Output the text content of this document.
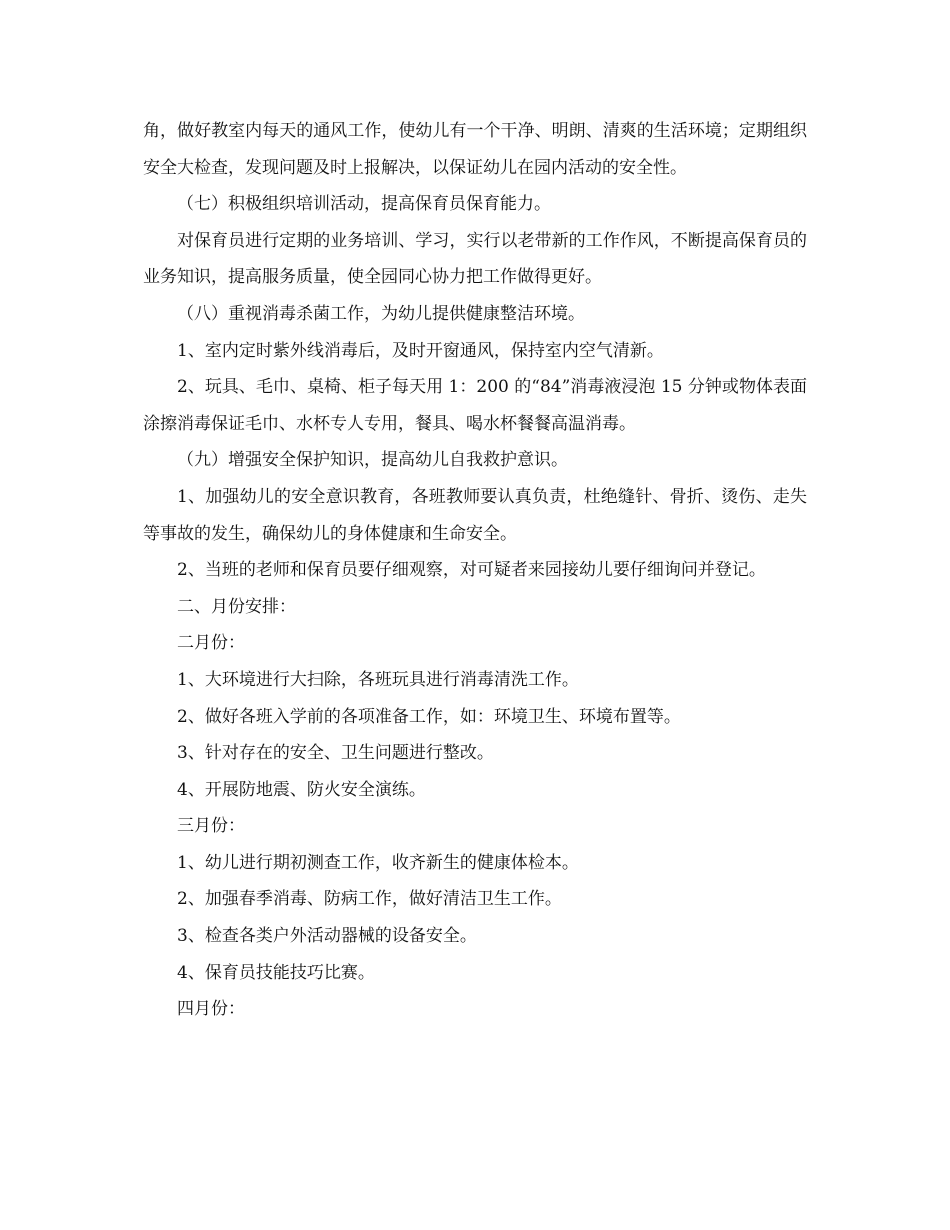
角，做好教室内每天的通风工作，使幼儿有一个干净、明朗、清爽的生活环境；定期组织安全大检查，发现问题及时上报解决，以保证幼儿在园内活动的安全性。

（七）积极组织培训活动，提高保育员保育能力。

对保育员进行定期的业务培训、学习，实行以老带新的工作作风，不断提高保育员的业务知识，提高服务质量，使全园同心协力把工作做得更好。

（八）重视消毒杀菌工作，为幼儿提供健康整洁环境。

1、室内定时紫外线消毒后，及时开窗通风，保持室内空气清新。

2、玩具、毛巾、桌椅、柜子每天用 1：200 的“84”消毒液浸泡 15 分钟或物体表面涂擦消毒保证毛巾、水杯专人专用，餐具、喝水杯餐餐高温消毒。

（九）增强安全保护知识，提高幼儿自我救护意识。

1、加强幼儿的安全意识教育，各班教师要认真负责，杜绝缝针、骨折、烫伤、走失等事故的发生，确保幼儿的身体健康和生命安全。

2、当班的老师和保育员要仔细观察，对可疑者来园接幼儿要仔细询问并登记。

二、月份安排：

二月份：

1、大环境进行大扫除，各班玩具进行消毒清洗工作。

2、做好各班入学前的各项准备工作，如：环境卫生、环境布置等。

3、针对存在的安全、卫生问题进行整改。

4、开展防地震、防火安全演练。

三月份：

1、幼儿进行期初测查工作，收齐新生的健康体检本。

2、加强春季消毒、防病工作，做好清洁卫生工作。

3、检查各类户外活动器械的设备安全。

4、保育员技能技巧比赛。

四月份：
